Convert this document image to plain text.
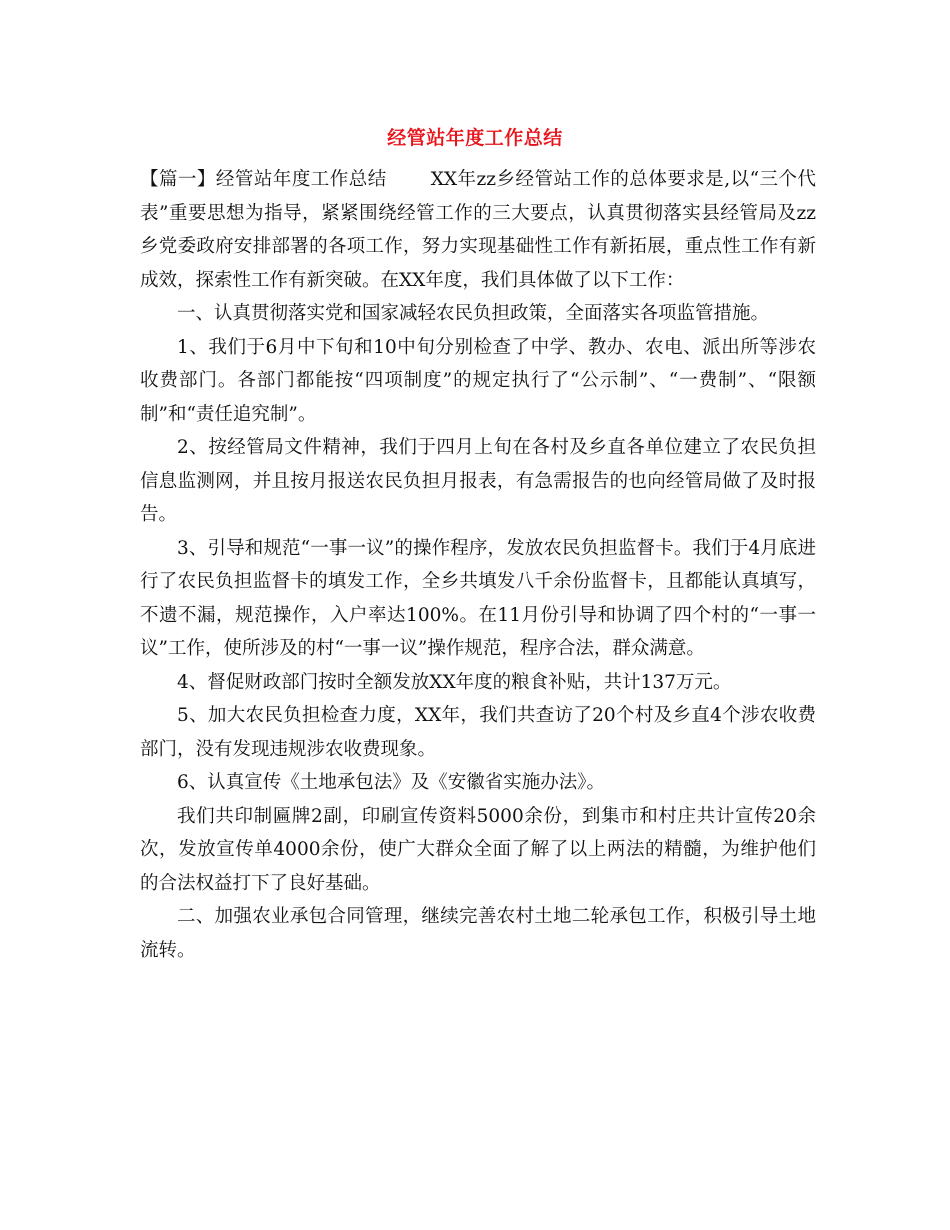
经管站年度工作总结

【篇一】经管站年度工作总结 XX年zz乡经管站工作的总体要求是,以“三个代表”重要思想为指导，紧紧围绕经管工作的三大要点，认真贯彻落实县经管局及zz乡党委政府安排部署的各项工作，努力实现基础性工作有新拓展，重点性工作有新成效，探索性工作有新突破。在XX年度，我们具体做了以下工作：

一、认真贯彻落实党和国家减轻农民负担政策，全面落实各项监管措施。

1、我们于6月中下旬和10中旬分别检查了中学、教办、农电、派出所等涉农收费部门。各部门都能按“四项制度”的规定执行了“公示制”、“一费制”、“限额制”和“责任追究制”。

2、按经管局文件精神，我们于四月上旬在各村及乡直各单位建立了农民负担信息监测网，并且按月报送农民负担月报表，有急需报告的也向经管局做了及时报告。

3、引导和规范“一事一议”的操作程序，发放农民负担监督卡。我们于4月底进行了农民负担监督卡的填发工作，全乡共填发八千余份监督卡，且都能认真填写，不遗不漏，规范操作，入户率达100%。在11月份引导和协调了四个村的“一事一议”工作，使所涉及的村“一事一议”操作规范，程序合法，群众满意。

4、督促财政部门按时全额发放XX年度的粮食补贴，共计137万元。

5、加大农民负担检查力度，XX年，我们共查访了20个村及乡直4个涉农收费部门，没有发现违规涉农收费现象。

6、认真宣传《土地承包法》及《安徽省实施办法》。

我们共印制匾牌2副，印刷宣传资料5000余份，到集市和村庄共计宣传20余次，发放宣传单4000余份，使广大群众全面了解了以上两法的精髓，为维护他们的合法权益打下了良好基础。

二、加强农业承包合同管理，继续完善农村土地二轮承包工作，积极引导土地流转。
